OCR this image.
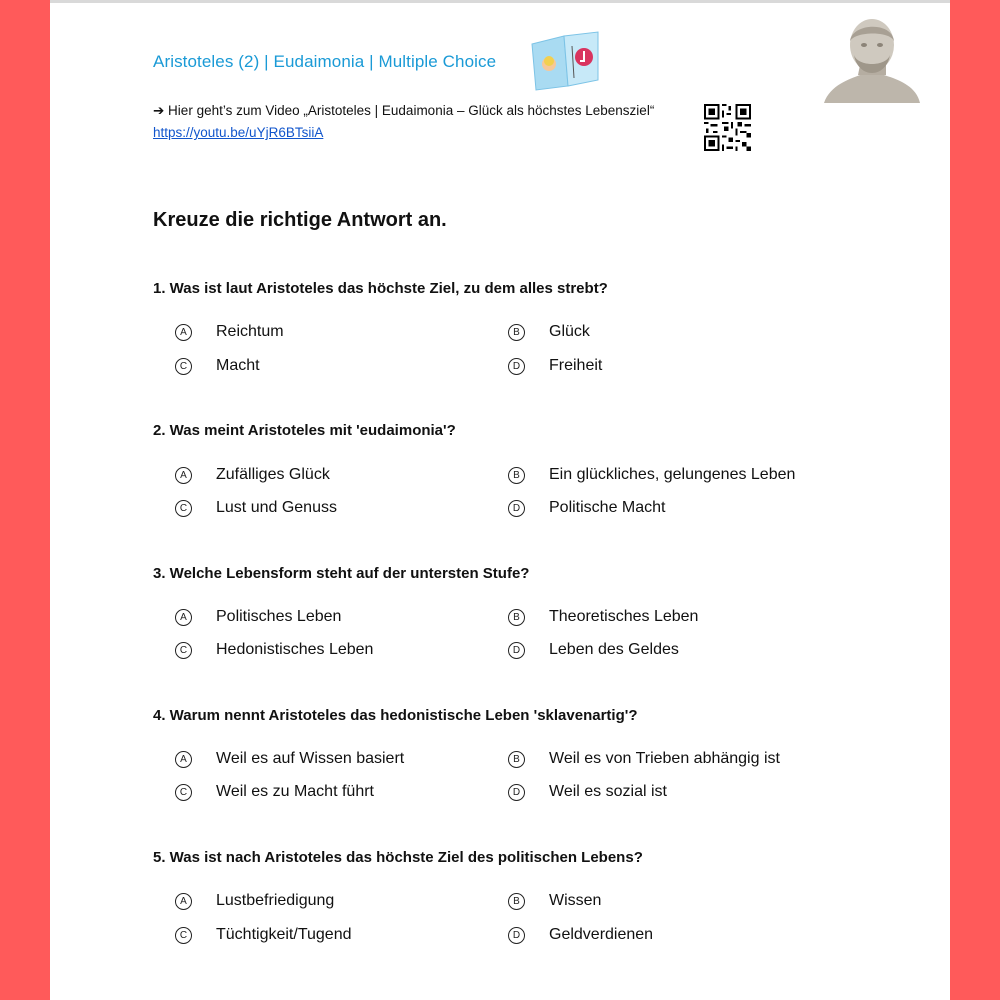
Aristoteles (2) | Eudaimonia | Multiple Choice
➔ Hier geht’s zum Video „Aristoteles | Eudaimonia – Glück als höchstes Lebensziel“
https://youtu.be/uYjR6BTsiiA
Kreuze die richtige Antwort an.
1. Was ist laut Aristoteles das höchste Ziel, zu dem alles strebt?
A	Reichtum	B	Glück
C	Macht	D	Freiheit
2. Was meint Aristoteles mit 'eudaimonia'?
A	Zufälliges Glück	B	Ein glückliches, gelungenes Leben
C	Lust und Genuss	D	Politische Macht
3. Welche Lebensform steht auf der untersten Stufe?
A	Politisches Leben	B	Theoretisches Leben
C	Hedonistisches Leben	D	Leben des Geldes
4. Warum nennt Aristoteles das hedonistische Leben 'sklavenartig'?
A	Weil es auf Wissen basiert	B	Weil es von Trieben abhängig ist
C	Weil es zu Macht führt	D	Weil es sozial ist
5. Was ist nach Aristoteles das höchste Ziel des politischen Lebens?
A	Lustbefriedigung	B	Wissen
C	Tüchtigkeit/Tugend	D	Geldverdienen
